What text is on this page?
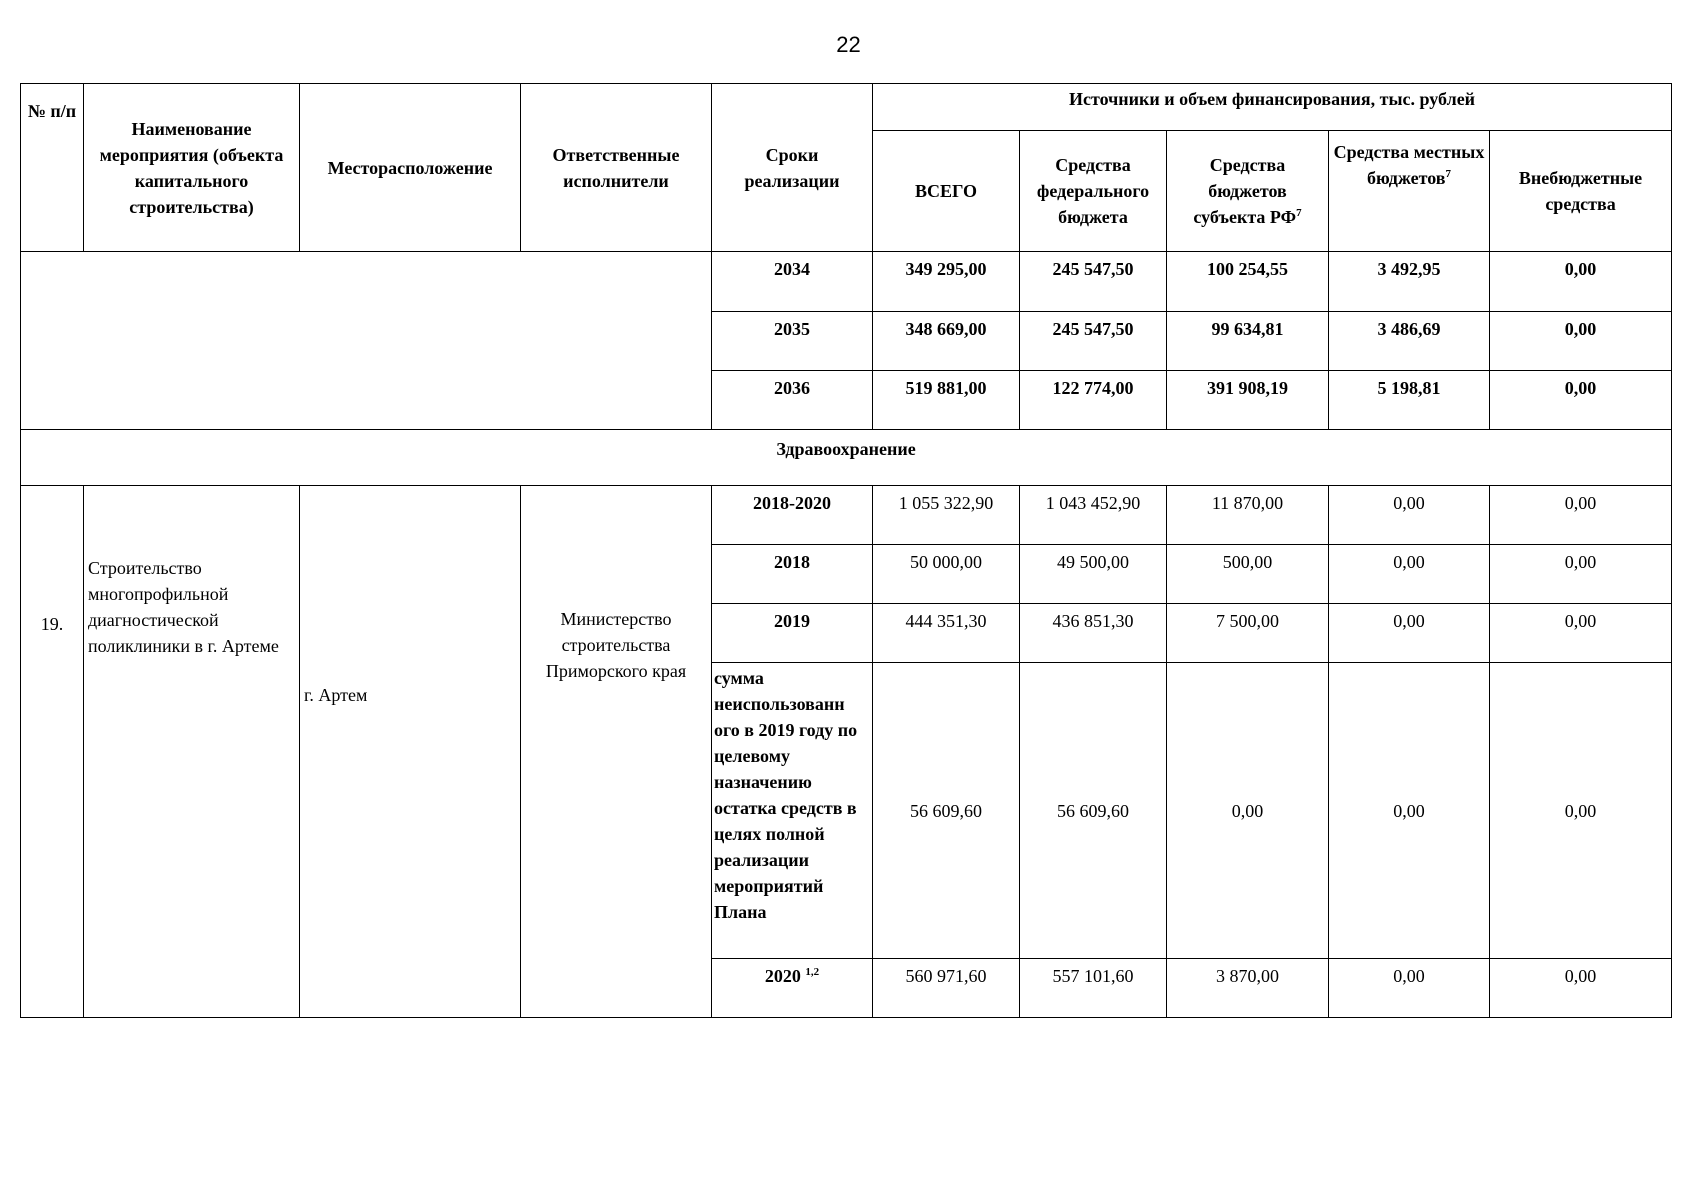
22
№ п/п	Наименование мероприятия (объекта капитального строительства)	Месторасположение	Ответственные исполнители	Сроки реализации	Источники и объем финансирования, тыс. рублей				
					ВСЕГО	Средства федерального бюджета	Средства бюджетов субъекта $РФ^7$	Средства местных бюджетов$^7$	Внебюджетные средства
				2034	349 295,00	245 547,50	100 254,55	3 492,95	0,00
				2035	348 669,00	245 547,50	99 634,81	3 486,69	0,00
				2036	519 881,00	122 774,00	391 908,19	5 198,81	0,00
Здравоохранение									
19.	Строительство многопрофильной диагностической поликлиники в г. Артеме	г. Артем	Министерство строительства Приморского края	2018-2020	1 055 322,90	1 043 452,90	11 870,00	0,00	0,00
				2018	50 000,00	49 500,00	500,00	0,00	0,00
				2019	444 351,30	436 851,30	7 500,00	0,00	0,00
				сумма неиспользованн ого в 2019 году по целевому назначению остатка средств в целях полной реализации мероприятий Плана	56 609,60	56 609,60	0,00	0,00	0,00
				2020 $^{1,2}$	560 971,60	557 101,60	3 870,00	0,00	0,00
